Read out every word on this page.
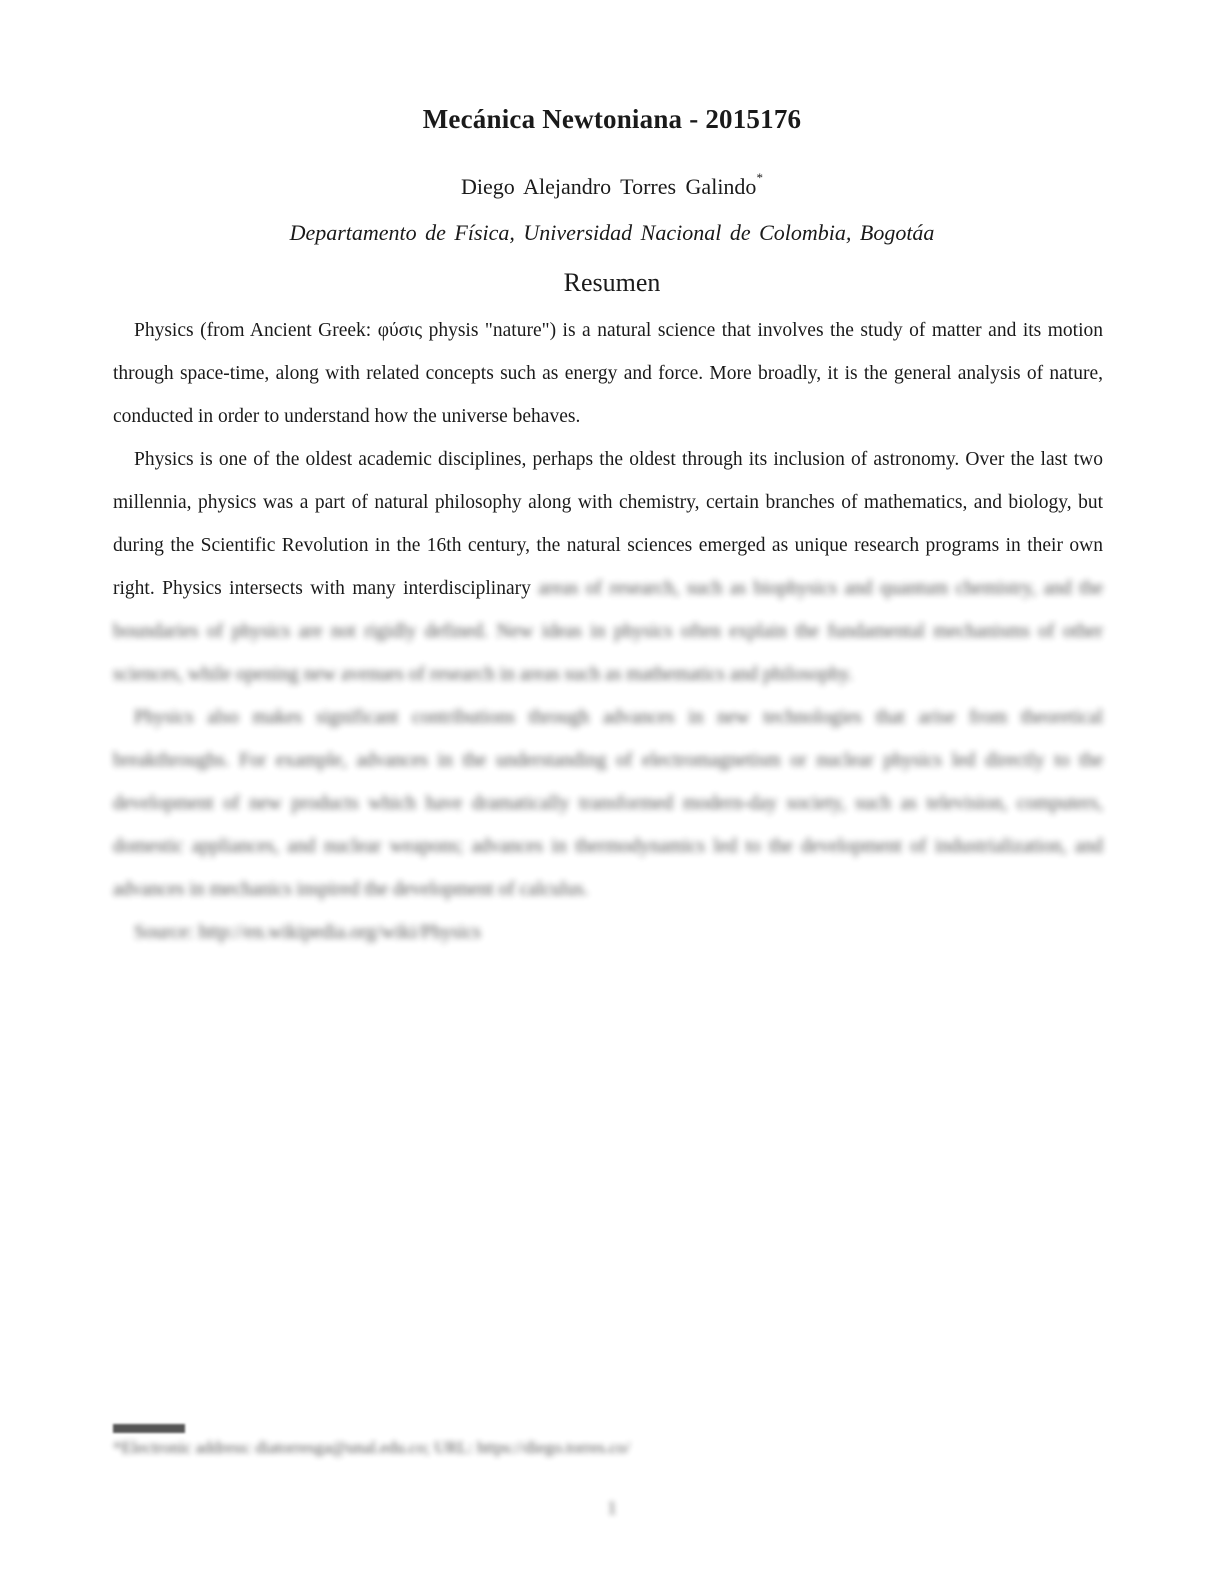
Mecánica Newtoniana - 2015176
Diego Alejandro Torres Galindo*
Departamento de Física, Universidad Nacional de Colombia, Bogotáa
Resumen

Physics (from Ancient Greek: φύσις physis "nature") is a natural science that involves the study of matter and its motion through space-time, along with related concepts such as energy and force. More broadly, it is the general analysis of nature, conducted in order to understand how the universe behaves.

Physics is one of the oldest academic disciplines, perhaps the oldest through its inclusion of astronomy. Over the last two millennia, physics was a part of natural philosophy along with chemistry, certain branches of mathematics, and biology, but during the Scientific Revolution in the 16th century, the natural sciences emerged as unique research programs in their own right. Physics intersects with many interdisciplinary areas of research, such as biophysics and quantum chemistry, and the boundaries of physics are not rigidly defined. New ideas in physics often explain the fundamental mechanisms of other sciences, while opening new avenues of research in areas such as mathematics and philosophy.

Physics also makes significant contributions through advances in new technologies that arise from theoretical breakthroughs. For example, advances in the understanding of electromagnetism or nuclear physics led directly to the development of new products which have dramatically transformed modern-day society, such as television, computers, domestic appliances, and nuclear weapons; advances in thermodynamics led to the development of industrialization, and advances in mechanics inspired the development of calculus.

Source: http://en.wikipedia.org/wiki/Physics

*Electronic address: diatorresga@unal.edu.co; URL: https://diego.torres.co/
1
